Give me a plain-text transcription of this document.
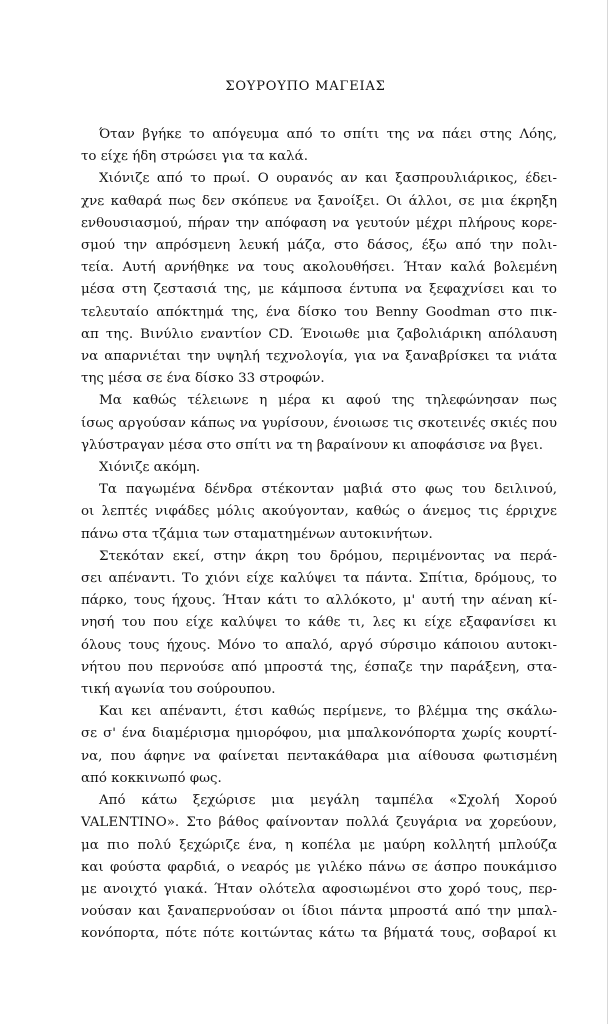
ΣΟΥΡΟΥΠΟ ΜΑΓΕΙΑΣ
Όταν βγήκε το απόγευμα από το σπίτι της να πάει στης Λόης,
το είχε ήδη στρώσει για τα καλά.
Χιόνιζε από το πρωί. Ο ουρανός αν και ξασπρουλιάρικος, έδει-
χνε καθαρά πως δεν σκόπευε να ξανοίξει. Οι άλλοι, σε μια έκρηξη
ενθουσιασμού, πήραν την απόφαση να γευτούν μέχρι πλήρους κορε-
σμού την απρόσμενη λευκή μάζα, στο δάσος, έξω από την πολι-
τεία. Αυτή αρνήθηκε να τους ακολουθήσει. Ήταν καλά βολεμένη
μέσα στη ζεστασιά της, με κάμποσα έντυπα να ξεφαχνίσει και το
τελευταίο απόκτημά της, ένα δίσκο του Benny Goodman στο πικ-
απ της. Βινύλιο εναντίον CD. Ένοιωθε μια ζαβολιάρικη απόλαυση
να απαρνιέται την υψηλή τεχνολογία, για να ξαναβρίσκει τα νιάτα
της μέσα σε ένα δίσκο 33 στροφών.
Μα καθώς τέλειωνε η μέρα κι αφού της τηλεφώνησαν πως
ίσως αργούσαν κάπως να γυρίσουν, ένοιωσε τις σκοτεινές σκιές που
γλύστραγαν μέσα στο σπίτι να τη βαραίνουν κι αποφάσισε να βγει.
Χιόνιζε ακόμη.
Τα παγωμένα δένδρα στέκονταν μαβιά στο φως του δειλινού,
οι λεπτές νιφάδες μόλις ακούγονταν, καθώς ο άνεμος τις έρριχνε
πάνω στα τζάμια των σταματημένων αυτοκινήτων.
Στεκόταν εκεί, στην άκρη του δρόμου, περιμένοντας να περά-
σει απέναντι. Το χιόνι είχε καλύψει τα πάντα. Σπίτια, δρόμους, το
πάρκο, τους ήχους. Ήταν κάτι το αλλόκοτο, μ' αυτή την αέναη κί-
νησή του που είχε καλύψει το κάθε τι, λες κι είχε εξαφανίσει κι
όλους τους ήχους. Μόνο το απαλό, αργό σύρσιμο κάποιου αυτοκι-
νήτου που περνούσε από μπροστά της, έσπαζε την παράξενη, στα-
τική αγωνία του σούρουπου.
Και κει απέναντι, έτσι καθώς περίμενε, το βλέμμα της σκάλω-
σε σ' ένα διαμέρισμα ημιορόφου, μια μπαλκονόπορτα χωρίς κουρτί-
να, που άφηνε να φαίνεται πεντακάθαρα μια αίθουσα φωτισμένη
από κοκκινωπό φως.
Από κάτω ξεχώρισε μια μεγάλη ταμπέλα «Σχολή Χορού
VALENTINO». Στο βάθος φαίνονταν πολλά ζευγάρια να χορεύουν,
μα πιο πολύ ξεχώριζε ένα, η κοπέλα με μαύρη κολλητή μπλούζα
και φούστα φαρδιά, ο νεαρός με γιλέκο πάνω σε άσπρο πουκάμισο
με ανοιχτό γιακά. Ήταν ολότελα αφοσιωμένοι στο χορό τους, περ-
νούσαν και ξαναπερνούσαν οι ίδιοι πάντα μπροστά από την μπαλ-
κονόπορτα, πότε πότε κοιτώντας κάτω τα βήματά τους, σοβαροί κι
